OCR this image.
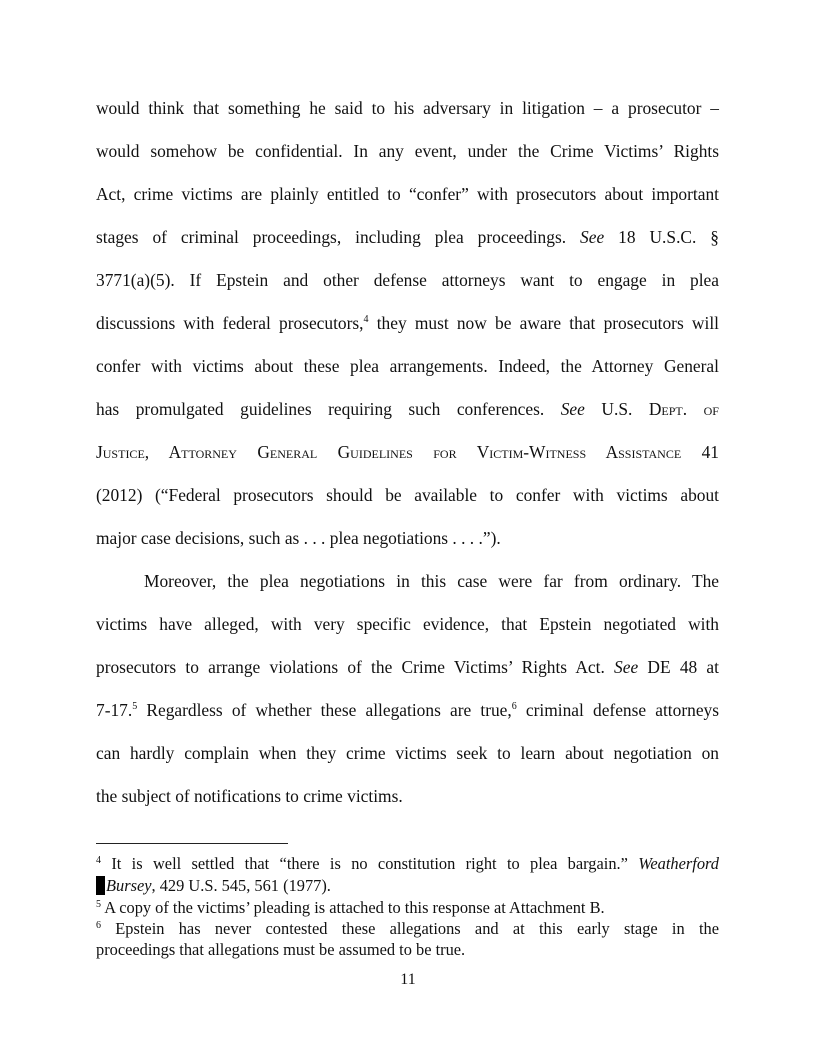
would think that something he said to his adversary in litigation – a prosecutor –
would somehow be confidential. In any event, under the Crime Victims’ Rights
Act, crime victims are plainly entitled to “confer” with prosecutors about important
stages of criminal proceedings, including plea proceedings. See 18 U.S.C. §
3771(a)(5). If Epstein and other defense attorneys want to engage in plea
discussions with federal prosecutors,$^4$ they must now be aware that prosecutors will
confer with victims about these plea arrangements. Indeed, the Attorney General
has promulgated guidelines requiring such conferences. See U.S. Dept. of
Justice, Attorney General Guidelines for Victim-Witness Assistance 41
(2012) (“Federal prosecutors should be available to confer with victims about
major case decisions, such as . . . plea negotiations . . . .”).
Moreover, the plea negotiations in this case were far from ordinary. The
victims have alleged, with very specific evidence, that Epstein negotiated with
prosecutors to arrange violations of the Crime Victims’ Rights Act. See DE 48 at
7-17.$^5$ Regardless of whether these allegations are true,$^6$ criminal defense attorneys
can hardly complain when they crime victims seek to learn about negotiation on
the subject of notifications to crime victims.
$^4$ It is well settled that “there is no constitution right to plea bargain.” Weatherford
Bursey, 429 U.S. 545, 561 (1977).
$^5$ A copy of the victims’ pleading is attached to this response at Attachment B.
$^6$ Epstein has never contested these allegations and at this early stage in the
proceedings that allegations must be assumed to be true.
11
